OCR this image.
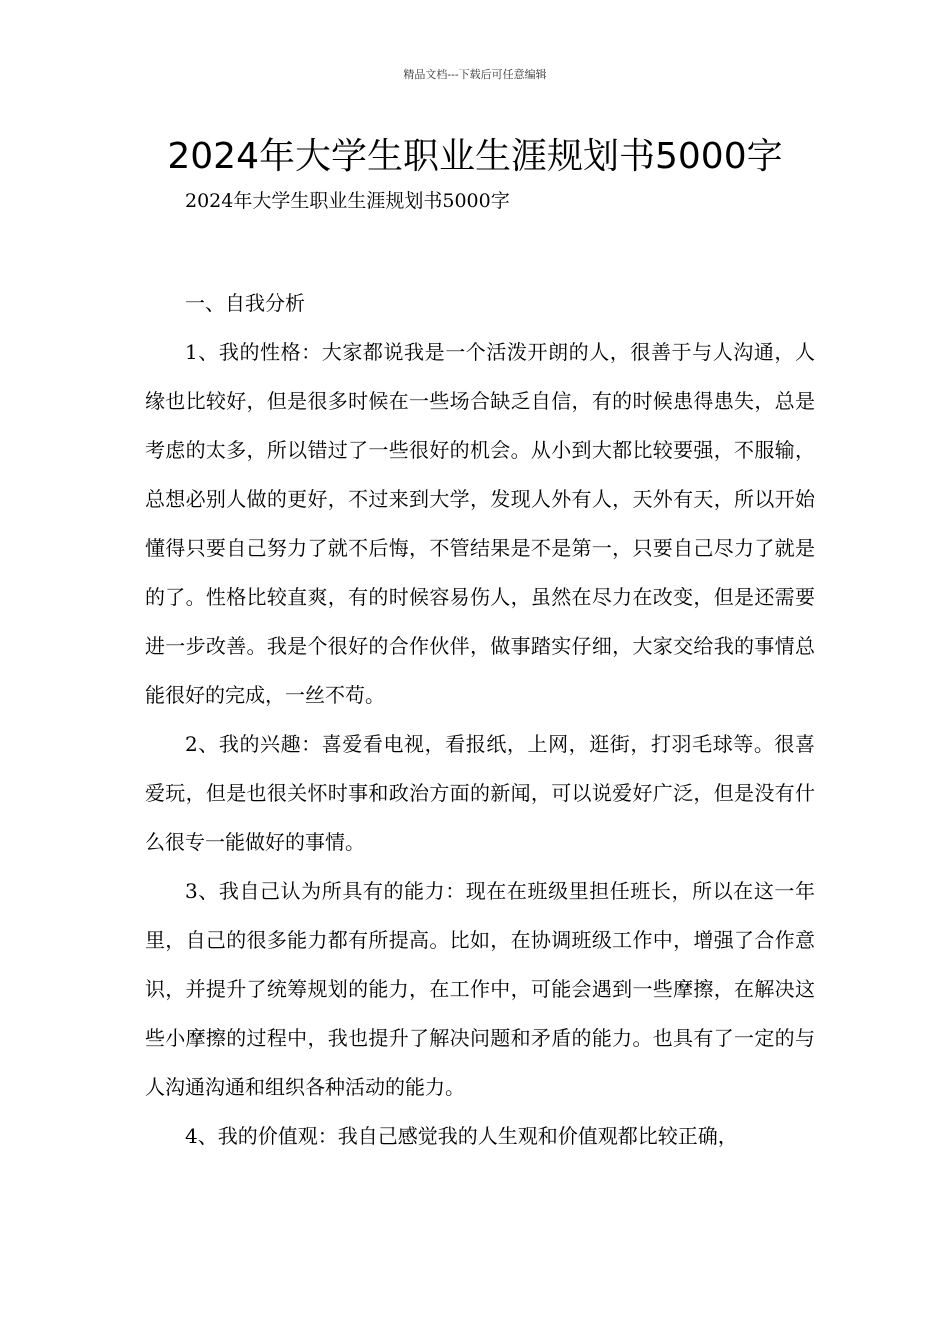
精品文档---下载后可任意编辑
2024年大学生职业生涯规划书5000字
2024年大学生职业生涯规划书5000字

一、自我分析

1、我的性格：大家都说我是一个活泼开朗的人，很善于与人沟通，人缘也比较好，但是很多时候在一些场合缺乏自信，有的时候患得患失，总是考虑的太多，所以错过了一些很好的机会。从小到大都比较要强，不服输，总想必别人做的更好，不过来到大学，发现人外有人，天外有天，所以开始懂得只要自己努力了就不后悔，不管结果是不是第一，只要自己尽力了就是的了。性格比较直爽，有的时候容易伤人，虽然在尽力在改变，但是还需要进一步改善。我是个很好的合作伙伴，做事踏实仔细，大家交给我的事情总能很好的完成，一丝不苟。

2、我的兴趣：喜爱看电视，看报纸，上网，逛街，打羽毛球等。很喜爱玩，但是也很关怀时事和政治方面的新闻，可以说爱好广泛，但是没有什么很专一能做好的事情。

3、我自己认为所具有的能力：现在在班级里担任班长，所以在这一年里，自己的很多能力都有所提高。比如，在协调班级工作中，增强了合作意识，并提升了统筹规划的能力，在工作中，可能会遇到一些摩擦，在解决这些小摩擦的过程中，我也提升了解决问题和矛盾的能力。也具有了一定的与人沟通沟通和组织各种活动的能力。

4、我的价值观：我自己感觉我的人生观和价值观都比较正确，
